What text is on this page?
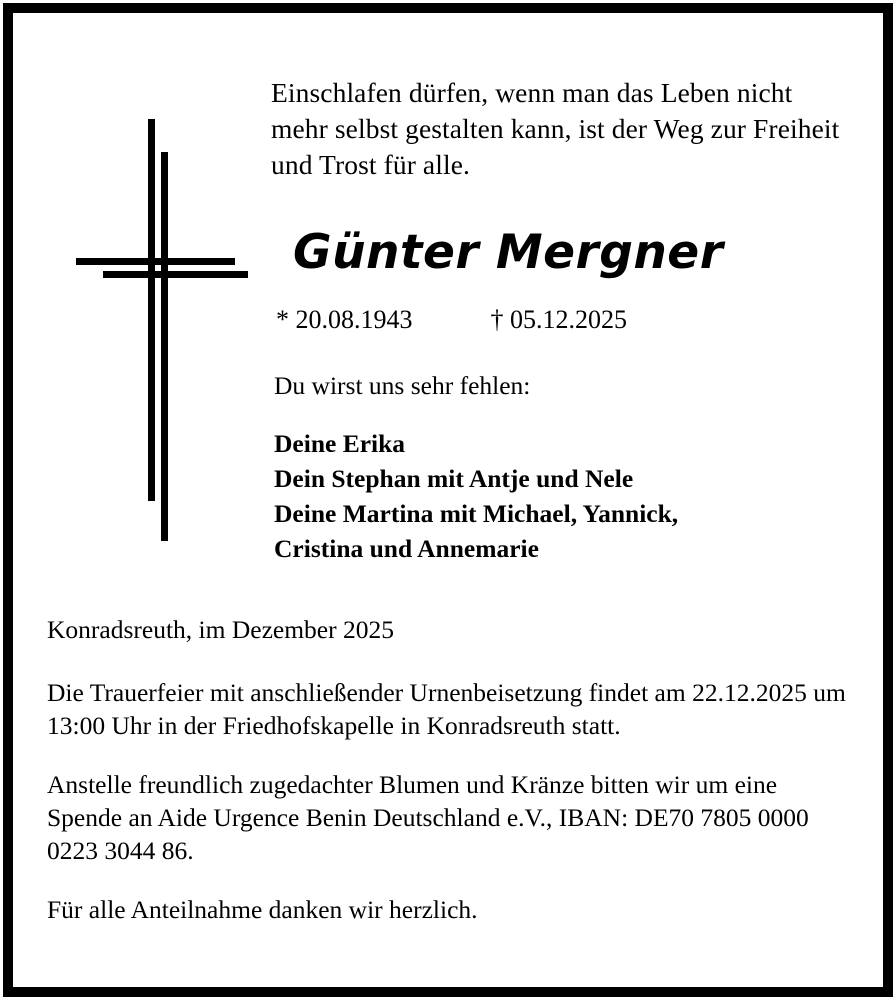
Einschlafen dürfen, wenn man das Leben nicht mehr selbst gestalten kann, ist der Weg zur Freiheit und Trost für alle.

Günter Mergner
* 20.08.1943	† 05.12.2025
Du wirst uns sehr fehlen:
Deine Erika
Dein Stephan mit Antje und Nele
Deine Martina mit Michael, Yannick,
Cristina und Annemarie

Konradsreuth, im Dezember 2025

Die Trauerfeier mit anschließender Urnenbeisetzung findet am 22.12.2025 um 13:00 Uhr in der Friedhofskapelle in Konradsreuth statt.

Anstelle freundlich zugedachter Blumen und Kränze bitten wir um eine Spende an Aide Urgence Benin Deutschland e.V., IBAN: DE70 7805 0000 0223 3044 86.

Für alle Anteilnahme danken wir herzlich.
